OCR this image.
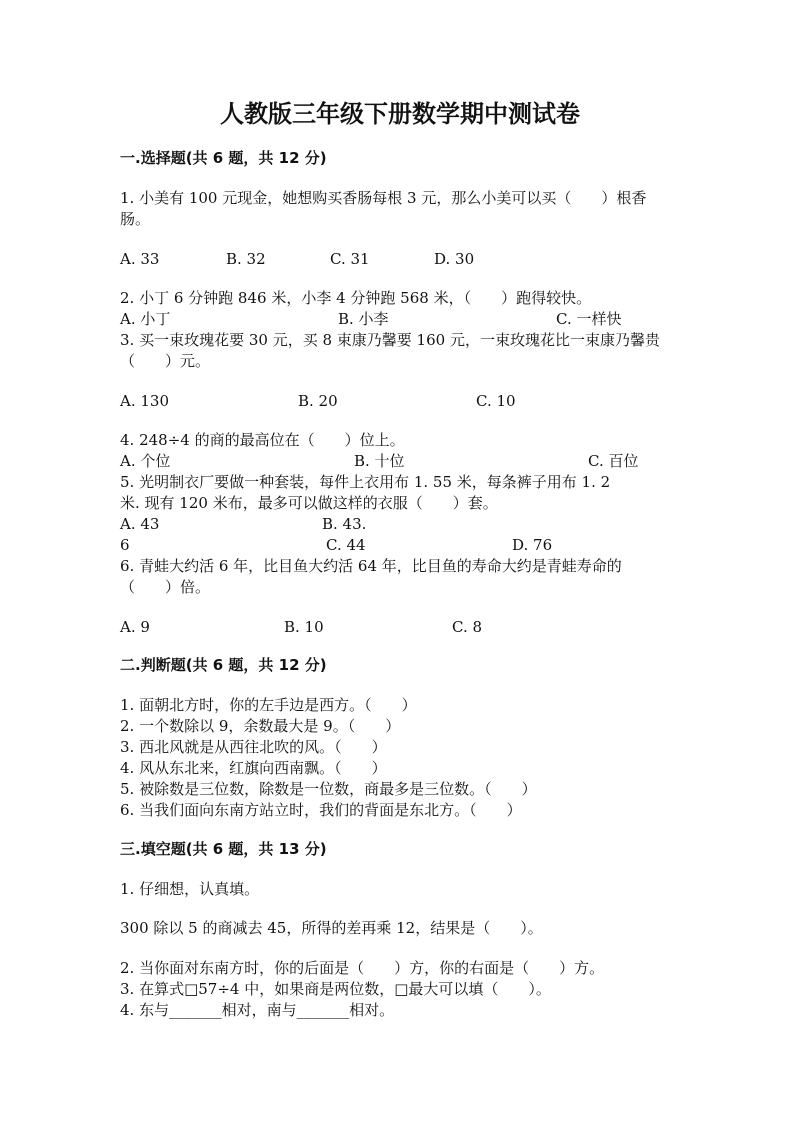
人教版三年级下册数学期中测试卷
一.选择题(共 6 题，共 12 分)
1. 小美有 100 元现金，她想购买香肠每根 3 元，那么小美可以买（　　）根香
肠。
A. 33	B. 32	C. 31	D. 30
2. 小丁 6 分钟跑 846 米，小李 4 分钟跑 568 米，（　　）跑得较快。
A. 小丁	B. 小李	C. 一样快
3. 买一束玫瑰花要 30 元，买 8 束康乃馨要 160 元，一束玫瑰花比一束康乃馨贵
（　　）元。
A. 130	B. 20	C. 10
4. 248÷4 的商的最高位在（　　）位上。
A. 个位	B. 十位	C. 百位
5. 光明制衣厂要做一种套装，每件上衣用布 1. 55 米，每条裤子用布 1. 2
米. 现有 120 米布，最多可以做这样的衣服（　　）套。
A. 43	B. 43.
6	C. 44	D. 76
6. 青蛙大约活 6 年，比目鱼大约活 64 年，比目鱼的寿命大约是青蛙寿命的
（　　）倍。
A. 9	B. 10	C. 8
二.判断题(共 6 题，共 12 分)
1. 面朝北方时，你的左手边是西方。（　　）
2. 一个数除以 9，余数最大是 9。（　　）
3. 西北风就是从西往北吹的风。（　　）
4. 风从东北来，红旗向西南飘。（　　）
5. 被除数是三位数，除数是一位数，商最多是三位数。（　　）
6. 当我们面向东南方站立时，我们的背面是东北方。（　　）
三.填空题(共 6 题，共 13 分)
1. 仔细想，认真填。
300 除以 5 的商减去 45，所得的差再乘 12，结果是（　　）。
2. 当你面对东南方时，你的后面是（　　）方，你的右面是（　　）方。
3. 在算式□57÷4 中，如果商是两位数，□最大可以填（　　）。
4. 东与_______相对，南与_______相对。
